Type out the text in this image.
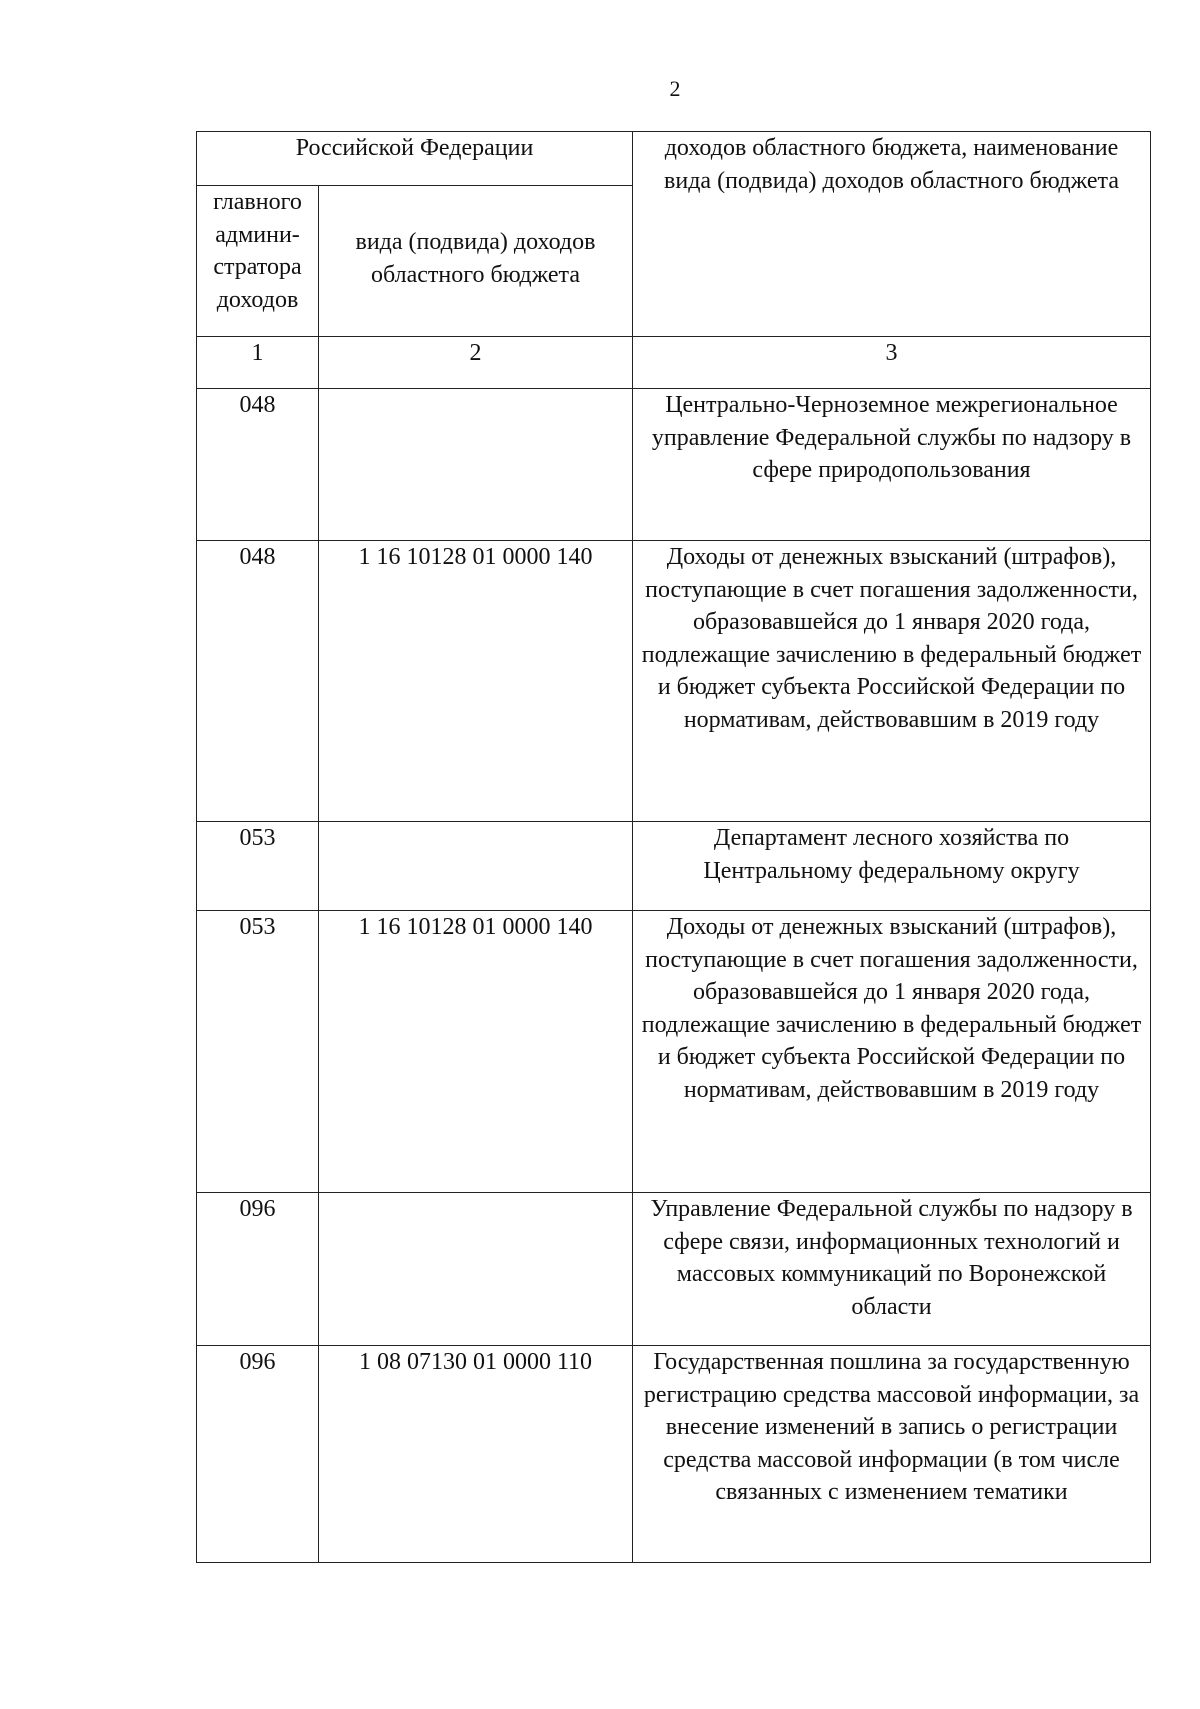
2
Российской Федерации		доходов областного бюджета, наименование вида (подвида) доходов областного бюджета
главного админи-стратора доходов	вида (подвида) доходов областного бюджета	
1	2	3
048		Центрально-Черноземное межрегиональное управление Федеральной службы по надзору в сфере природопользования
048	1 16 10128 01 0000 140	Доходы от денежных взысканий (штрафов), поступающие в счет погашения задолженности, образовавшейся до 1 января 2020 года, подлежащие зачислению в федеральный бюджет и бюджет субъекта Российской Федерации по нормативам, действовавшим в 2019 году
053		Департамент лесного хозяйства по Центральному федеральному округу
053	1 16 10128 01 0000 140	Доходы от денежных взысканий (штрафов), поступающие в счет погашения задолженности, образовавшейся до 1 января 2020 года, подлежащие зачислению в федеральный бюджет и бюджет субъекта Российской Федерации по нормативам, действовавшим в 2019 году
096		Управление Федеральной службы по надзору в сфере связи, информационных технологий и массовых коммуникаций по Воронежской области
096	1 08 07130 01 0000 110	Государственная пошлина за государственную регистрацию средства массовой информации, за внесение изменений в запись о регистрации средства массовой информации (в том числе связанных с изменением тематики
